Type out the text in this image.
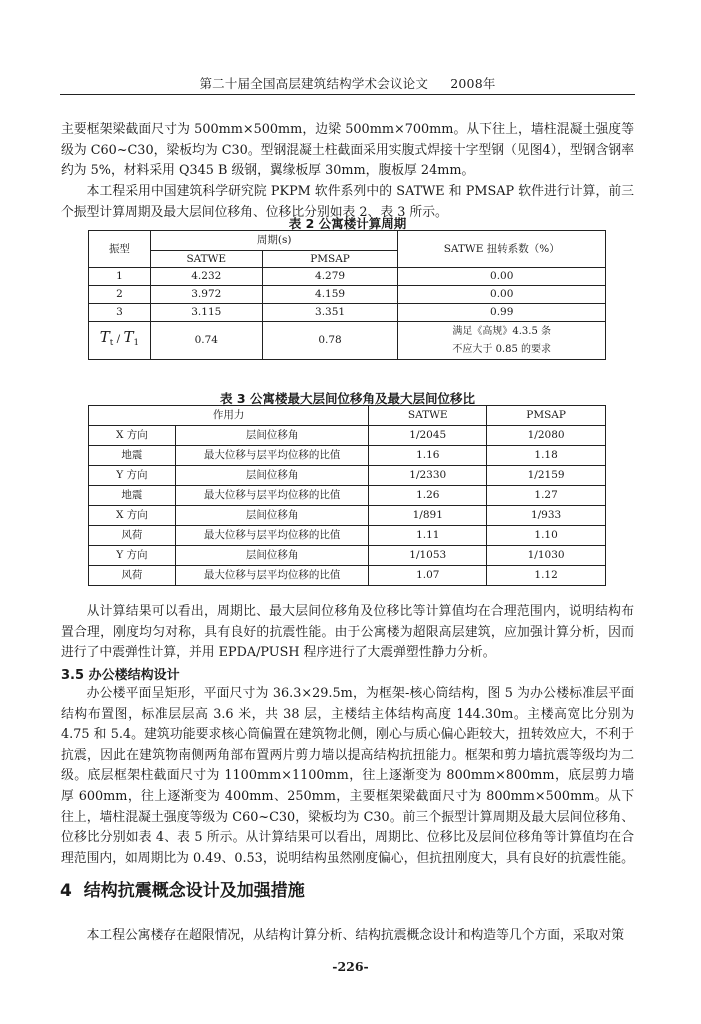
第二十届全国高层建筑结构学术会议论文 2008年

主要框架梁截面尺寸为 500mm×500mm，边梁 500mm×700mm。从下往上，墙柱混凝土强度等级为 C60~C30，梁板均为 C30。型钢混凝土柱截面采用实腹式焊接十字型钢（见图4），型钢含钢率约为 5%，材料采用 Q345 B 级钢，翼缘板厚 30mm，腹板厚 24mm。

本工程采用中国建筑科学研究院 PKPM 软件系列中的 SATWE 和 PMSAP 软件进行计算，前三个振型计算周期及最大层间位移角、位移比分别如表 2、表 3 所示。

表 2 公寓楼计算周期
振型	周期(s)		SATWE 扭转系数（%）
	SATWE	PMSAP	
1	4.232	4.279	0.00
2	3.972	4.159	0.00
3	3.115	3.351	0.99
$T_t / T_1$	0.74	0.78	满足《高规》4.3.5 条
不应大于 0.85 的要求
表 3 公寓楼最大层间位移角及最大层间位移比
作用力		SATWE	PMSAP
X 方向	层间位移角	1/2045	1/2080
地震	最大位移与层平均位移的比值	1.16	1.18
Y 方向	层间位移角	1/2330	1/2159
地震	最大位移与层平均位移的比值	1.26	1.27
X 方向	层间位移角	1/891	1/933
风荷	最大位移与层平均位移的比值	1.11	1.10
Y 方向	层间位移角	1/1053	1/1030
风荷	最大位移与层平均位移的比值	1.07	1.12

从计算结果可以看出，周期比、最大层间位移角及位移比等计算值均在合理范围内，说明结构布置合理，刚度均匀对称，具有良好的抗震性能。由于公寓楼为超限高层建筑，应加强计算分析，因而进行了中震弹性计算，并用 EPDA/PUSH 程序进行了大震弹塑性静力分析。

3.5 办公楼结构设计

办公楼平面呈矩形，平面尺寸为 36.3×29.5m，为框架-核心筒结构，图 5 为办公楼标准层平面结构布置图，标准层层高 3.6 米，共 38 层，主楼结主体结构高度 144.30m。主楼高宽比分别为 4.75 和 5.4。建筑功能要求核心筒偏置在建筑物北侧，刚心与质心偏心距较大，扭转效应大，不利于抗震，因此在建筑物南侧两角部布置两片剪力墙以提高结构抗扭能力。框架和剪力墙抗震等级均为二级。底层框架柱截面尺寸为 1100mm×1100mm，往上逐渐变为 800mm×800mm，底层剪力墙厚 600mm，往上逐渐变为 400mm、250mm，主要框架梁截面尺寸为 800mm×500mm。从下往上，墙柱混凝土强度等级为 C60~C30，梁板均为 C30。前三个振型计算周期及最大层间位移角、位移比分别如表 4、表 5 所示。从计算结果可以看出，周期比、位移比及层间位移角等计算值均在合理范围内，如周期比为 0.49、0.53，说明结构虽然刚度偏心，但抗扭刚度大，具有良好的抗震性能。

4 结构抗震概念设计及加强措施

本工程公寓楼存在超限情况，从结构计算分析、结构抗震概念设计和构造等几个方面，采取对策

-226-
